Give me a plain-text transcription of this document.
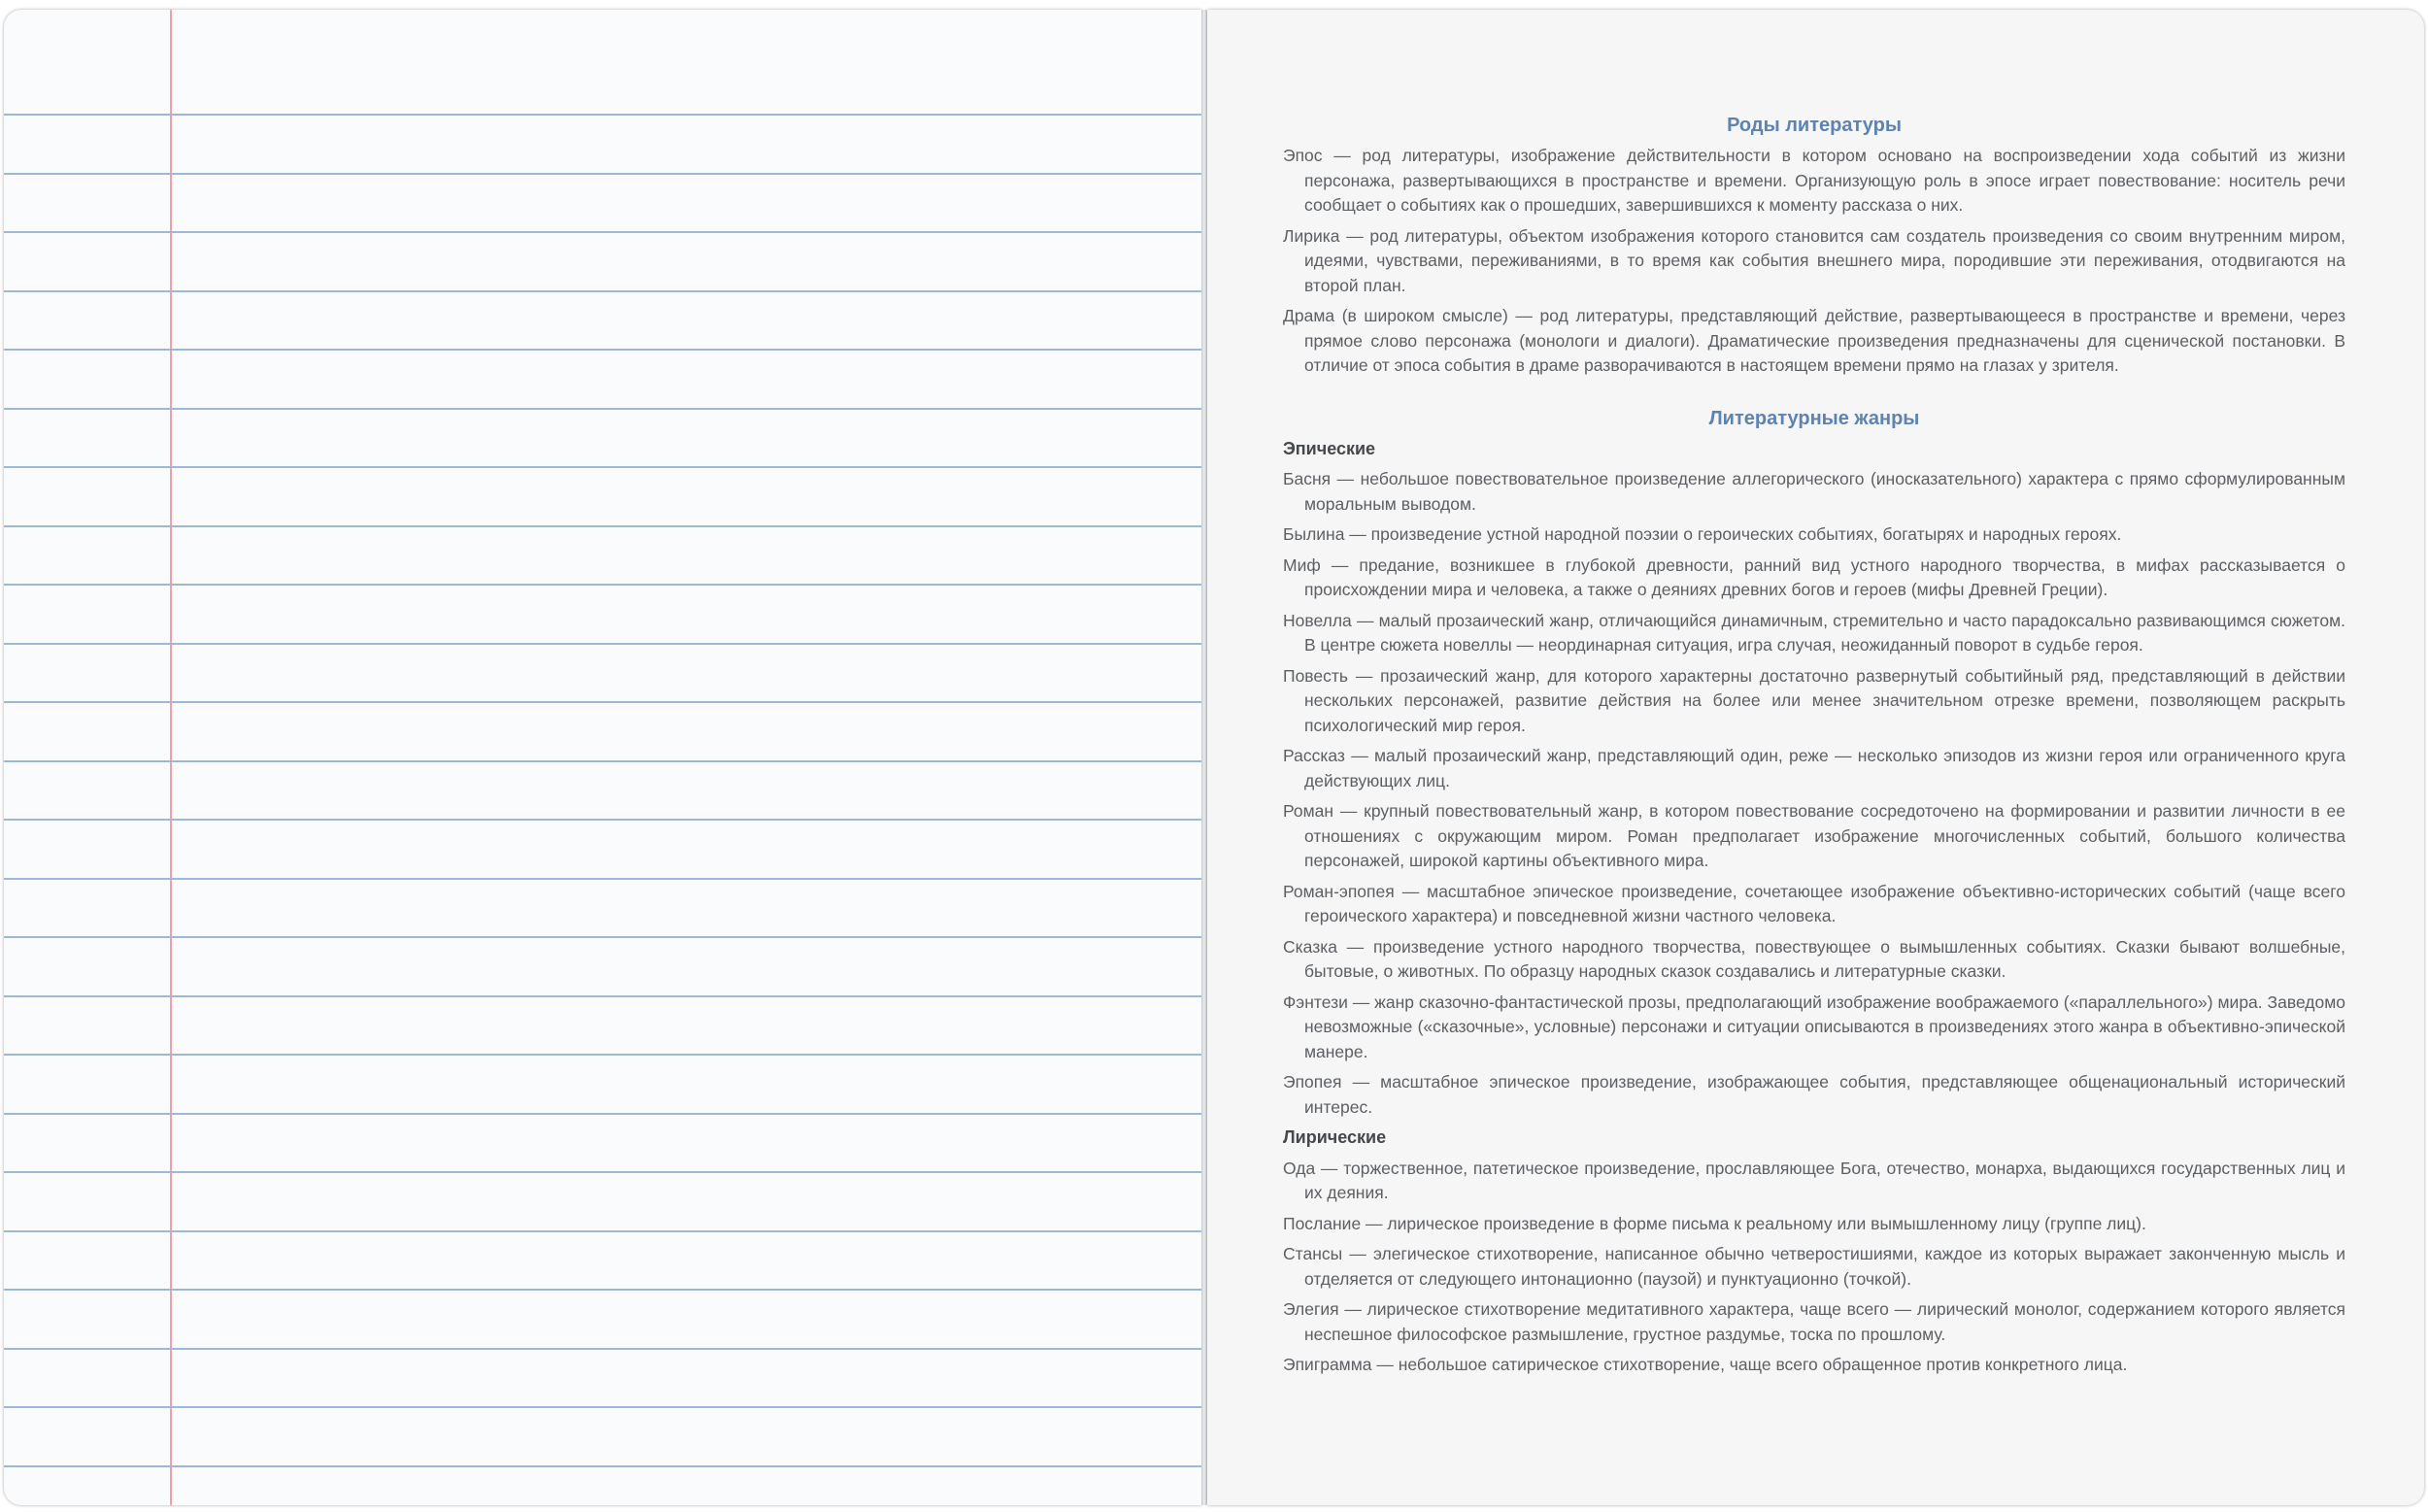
Роды литературы

Эпос — род литературы, изображение действительности в котором основано на воспроизведении хода событий из жизни персонажа, развертывающихся в пространстве и времени. Организующую роль в эпосе играет повествование: носитель речи сообщает о событиях как о прошедших, завершившихся к моменту рассказа о них.

Лирика — род литературы, объектом изображения которого становится сам создатель произведения со своим внутренним миром, идеями, чувствами, переживаниями, в то время как события внешнего мира, породившие эти переживания, отодвигаются на второй план.

Драма (в широком смысле) — род литературы, представляющий действие, развертывающееся в пространстве и времени, через прямое слово персонажа (монологи и диалоги). Драматические произведения предназначены для сценической постановки. В отличие от эпоса события в драме разворачиваются в настоящем времени прямо на глазах у зрителя.

Литературные жанры
Эпические

Басня — небольшое повествовательное произведение аллегорического (иносказательного) характера с прямо сформулированным моральным выводом.

Былина — произведение устной народной поэзии о героических событиях, богатырях и народных героях.

Миф — предание, возникшее в глубокой древности, ранний вид устного народного творчества, в мифах рассказывается о происхождении мира и человека, а также о деяниях древних богов и героев (мифы Древней Греции).

Новелла — малый прозаический жанр, отличающийся динамичным, стремительно и часто парадоксально развивающимся сюжетом. В центре сюжета новеллы — неординарная ситуация, игра случая, неожиданный поворот в судьбе героя.

Повесть — прозаический жанр, для которого характерны достаточно развернутый событийный ряд, представляющий в действии нескольких персонажей, развитие действия на более или менее значительном отрезке времени, позволяющем раскрыть психологический мир героя.

Рассказ — малый прозаический жанр, представляющий один, реже — несколько эпизодов из жизни героя или ограниченного круга действующих лиц.

Роман — крупный повествовательный жанр, в котором повествование сосредоточено на формировании и развитии личности в ее отношениях с окружающим миром. Роман предполагает изображение многочисленных событий, большого количества персонажей, широкой картины объективного мира.

Роман-эпопея — масштабное эпическое произведение, сочетающее изображение объективно-исторических событий (чаще всего героического характера) и повседневной жизни частного человека.

Сказка — произведение устного народного творчества, повествующее о вымышленных событиях. Сказки бывают волшебные, бытовые, о животных. По образцу народных сказок создавались и литературные сказки.

Фэнтези — жанр сказочно-фантастической прозы, предполагающий изображение воображаемого («параллельного») мира. Заведомо невозможные («сказочные», условные) персонажи и ситуации описываются в произведениях этого жанра в объективно-эпической манере.

Эпопея — масштабное эпическое произведение, изображающее события, представляющее общенациональный исторический интерес.

Лирические

Ода — торжественное, патетическое произведение, прославляющее Бога, отечество, монарха, выдающихся государственных лиц и их деяния.

Послание — лирическое произведение в форме письма к реальному или вымышленному лицу (группе лиц).

Стансы — элегическое стихотворение, написанное обычно четверостишиями, каждое из которых выражает законченную мысль и отделяется от следующего интонационно (паузой) и пунктуационно (точкой).

Элегия — лирическое стихотворение медитативного характера, чаще всего — лирический монолог, содержанием которого является неспешное философское размышление, грустное раздумье, тоска по прошлому.

Эпиграмма — небольшое сатирическое стихотворение, чаще всего обращенное против конкретного лица.
